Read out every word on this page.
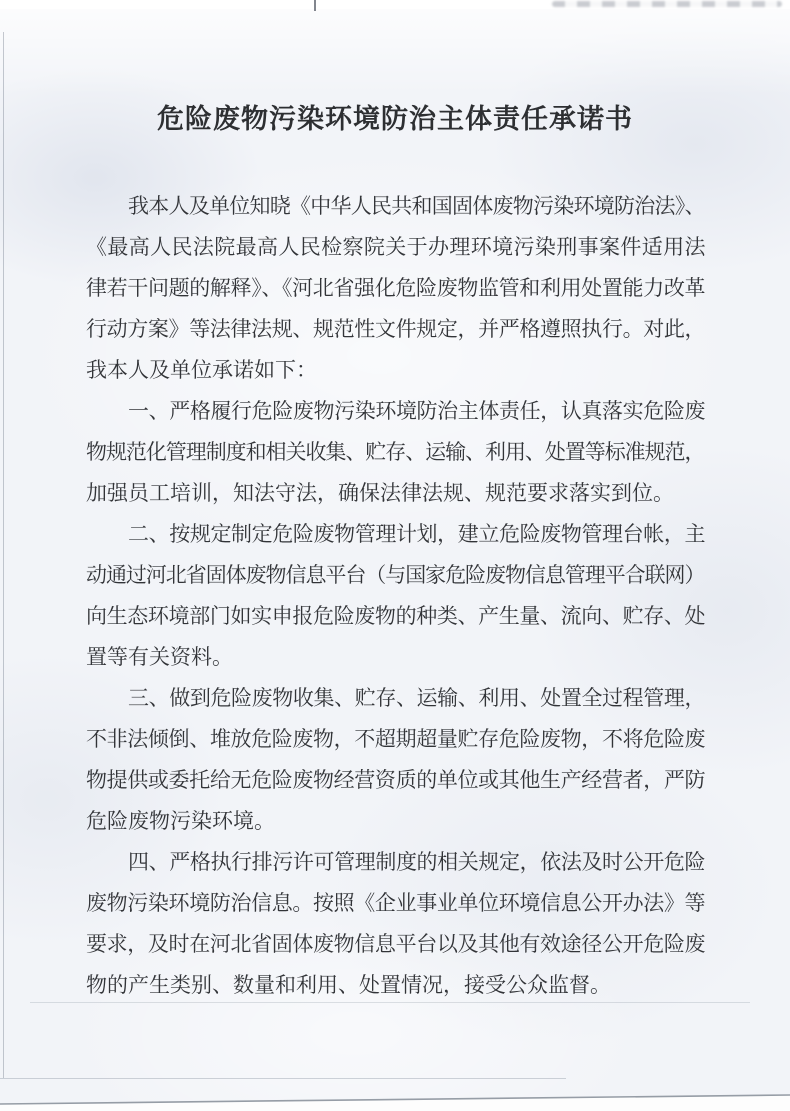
危险废物污染环境防治主体责任承诺书
我本人及单位知晓《中华人民共和国固体废物污染环境防治法》、
《最高人民法院最高人民检察院关于办理环境污染刑事案件适用法
律若干问题的解释》、《河北省强化危险废物监管和利用处置能力改革
行动方案》等法律法规、规范性文件规定，并严格遵照执行。对此，
我本人及单位承诺如下：
一、严格履行危险废物污染环境防治主体责任，认真落实危险废
物规范化管理制度和相关收集、贮存、运输、利用、处置等标准规范，
加强员工培训，知法守法，确保法律法规、规范要求落实到位。
二、按规定制定危险废物管理计划，建立危险废物管理台帐，主
动通过河北省固体废物信息平台（与国家危险废物信息管理平合联网）
向生态环境部门如实申报危险废物的种类、产生量、流向、贮存、处
置等有关资料。
三、做到危险废物收集、贮存、运输、利用、处置全过程管理，
不非法倾倒、堆放危险废物，不超期超量贮存危险废物，不将危险废
物提供或委托给无危险废物经营资质的单位或其他生产经营者，严防
危险废物污染环境。
四、严格执行排污许可管理制度的相关规定，依法及时公开危险
废物污染环境防治信息。按照《企业事业单位环境信息公开办法》等
要求，及时在河北省固体废物信息平台以及其他有效途径公开危险废
物的产生类别、数量和利用、处置情况，接受公众监督。
